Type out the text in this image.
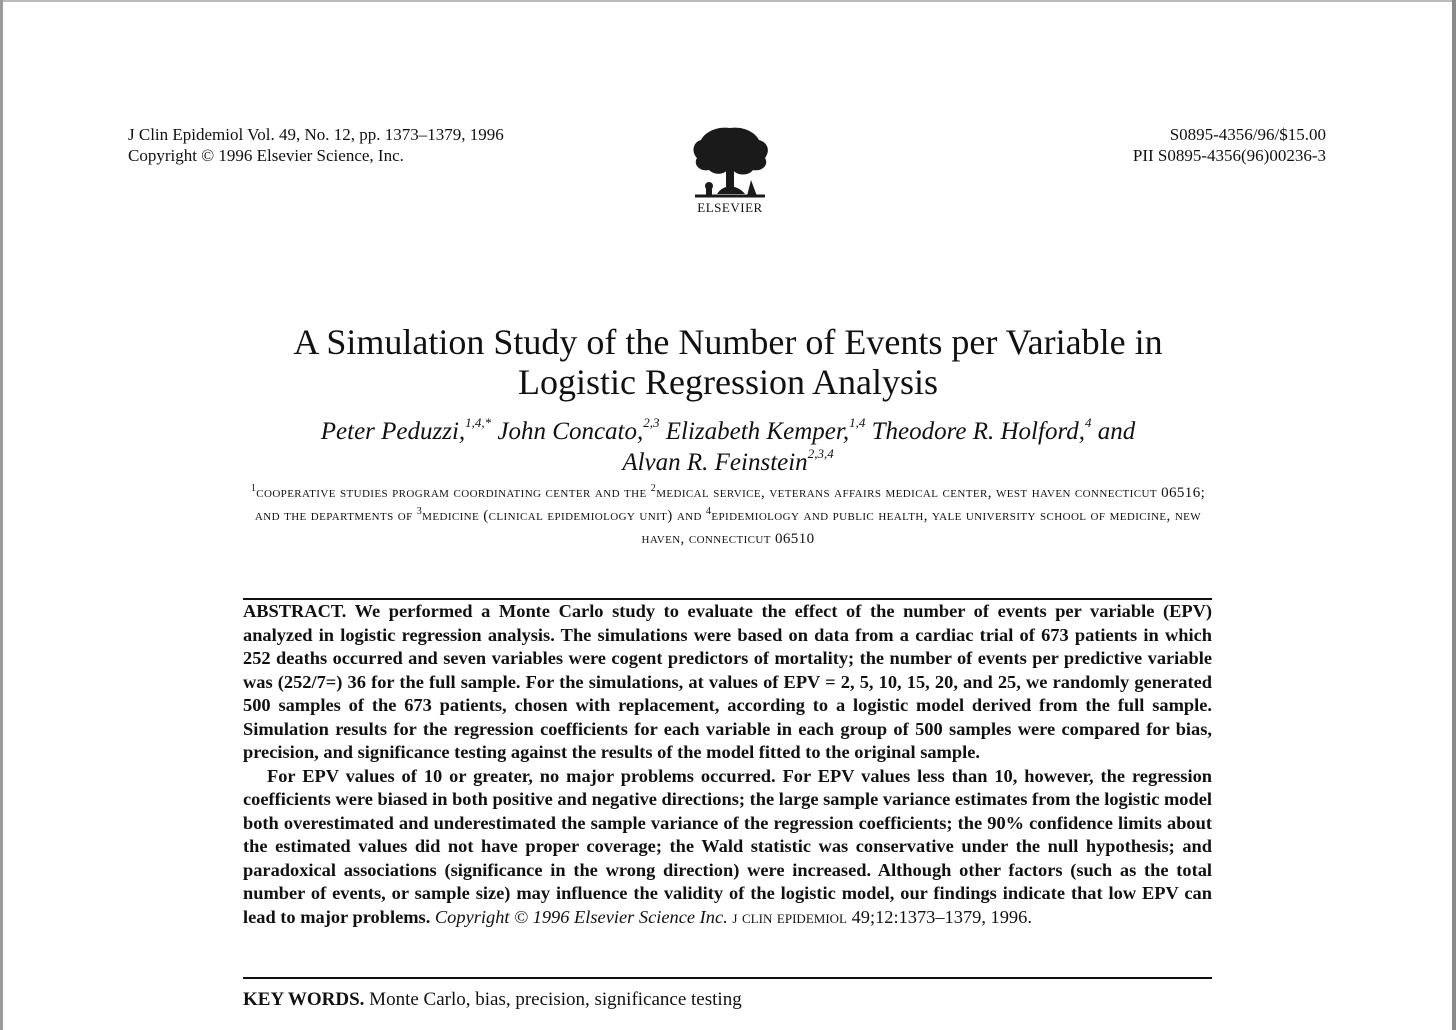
J Clin Epidemiol Vol. 49, No. 12, pp. 1373–1379, 1996
Copyright © 1996 Elsevier Science, Inc.
ELSEVIER
S0895-4356/96/$15.00
PII S0895-4356(96)00236-3
A Simulation Study of the Number of Events per Variable in
Logistic Regression Analysis
Peter Peduzzi,$^{1,4,*}$ John Concato,$^{2,3}$ Elizabeth Kemper,$^{1,4}$ Theodore R. Holford,$^4$ and
Alvan R. Feinstein$^{2,3,4}$
$^1$cooperative studies program coordinating center and the $^2$medical service, veterans affairs medical center, west haven connecticut 06516; and the departments of $^3$medicine (clinical epidemiology unit) and $^4$epidemiology and public health, yale university school of medicine, new haven, connecticut 06510

ABSTRACT. We performed a Monte Carlo study to evaluate the effect of the number of events per variable (EPV) analyzed in logistic regression analysis. The simulations were based on data from a cardiac trial of 673 patients in which 252 deaths occurred and seven variables were cogent predictors of mortality; the number of events per predictive variable was (252/7=) 36 for the full sample. For the simulations, at values of EPV = 2, 5, 10, 15, 20, and 25, we randomly generated 500 samples of the 673 patients, chosen with replacement, according to a logistic model derived from the full sample. Simulation results for the regression coefficients for each variable in each group of 500 samples were compared for bias, precision, and significance testing against the results of the model fitted to the original sample.

For EPV values of 10 or greater, no major problems occurred. For EPV values less than 10, however, the regression coefficients were biased in both positive and negative directions; the large sample variance estimates from the logistic model both overestimated and underestimated the sample variance of the regression coefficients; the 90% confidence limits about the estimated values did not have proper coverage; the Wald statistic was conservative under the null hypothesis; and paradoxical associations (significance in the wrong direction) were increased. Although other factors (such as the total number of events, or sample size) may influence the validity of the logistic model, our findings indicate that low EPV can lead to major problems. Copyright © 1996 Elsevier Science Inc. j clin epidemiol 49;12:1373–1379, 1996.

KEY WORDS. Monte Carlo, bias, precision, significance testing
